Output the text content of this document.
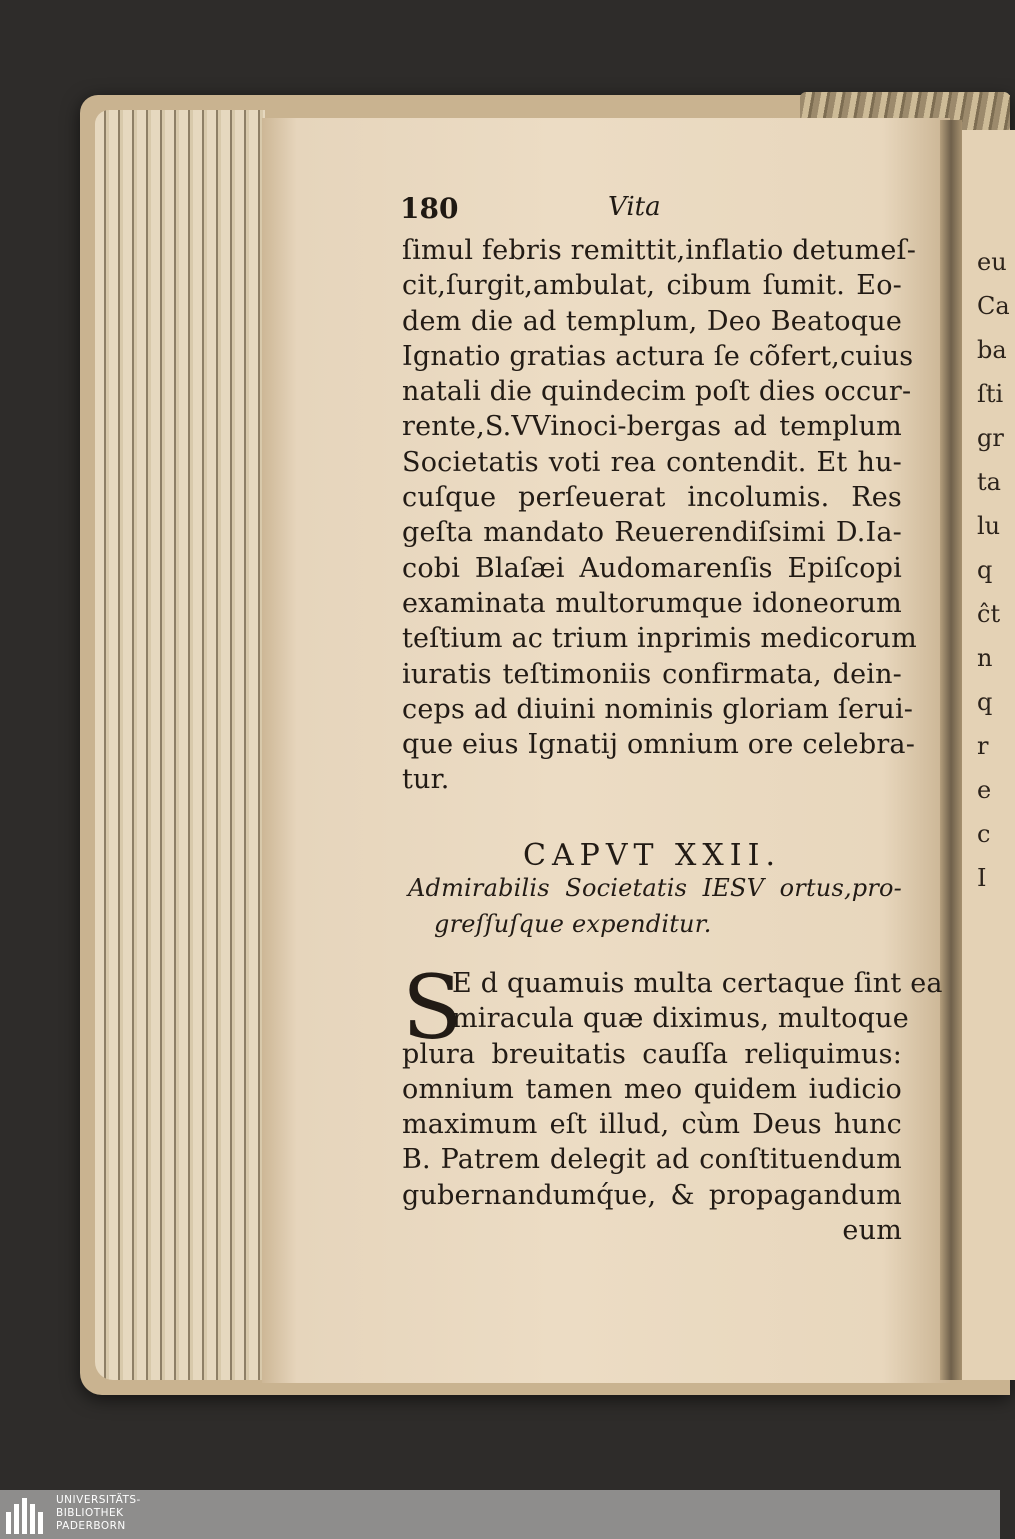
eu
Ca
ba
ſti
gr
ta
lu
q
ĉt
n
q
r
e
c
I
180	Vita
ſimul febris remittit,inflatio detumeſ-
cit,ſurgit,ambulat, cibum ſumit. Eo-
dem die ad templum, Deo Beatoque
Ignatio gratias actura ſe cõfert,cuius
natali die quindecim poſt dies occur-
rente,S.VVinoci-bergas ad templum
Societatis voti rea contendit. Et hu-
cuſque perſeuerat incolumis. Res
geſta mandato Reuerendiſsimi D.Ia-
cobi Blaſæi Audomarenſis Epiſcopi
examinata multorumque idoneorum
teſtium ac trium inprimis medicorum
iuratis teſtimoniis confirmata, dein-
ceps ad diuini nominis gloriam ſerui-
que eius Ignatij omnium ore celebra-
tur.
CAPVT XXII.
Admirabilis Societatis IESV ortus,pro-
greſſuſque expenditur.
S
E d quamuis multa certaque ſint ea
miracula quæ diximus, multoque
plura breuitatis cauſſa reliquimus:
omnium tamen meo quidem iudicio
maximum eſt illud, cùm Deus hunc
B. Patrem delegit ad conſtituendum
gubernandumq́ue, & propagandum
eum
UNIVERSITÄTS-
BIBLIOTHEK
PADERBORN
